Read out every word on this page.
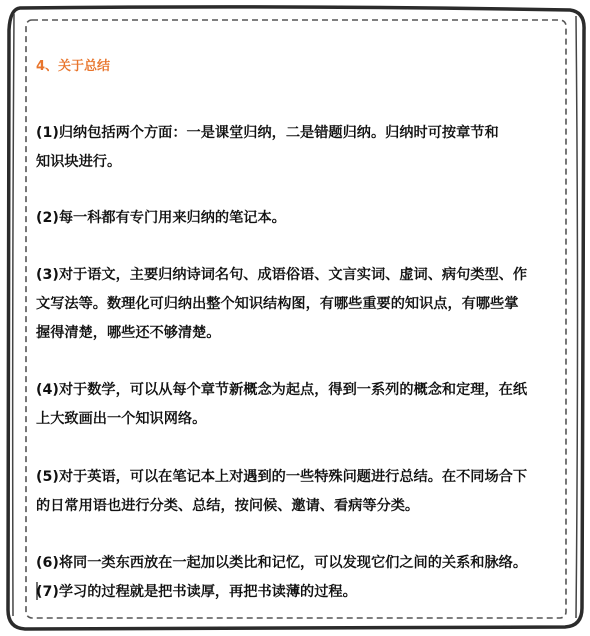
4、关于总结

(1)归纳包括两个方面：一是课堂归纳，二是错题归纳。归纳时可按章节和
知识块进行。

(2)每一科都有专门用来归纳的笔记本。

(3)对于语文，主要归纳诗词名句、成语俗语、文言实词、虚词、病句类型、作
文写法等。数理化可归纳出整个知识结构图，有哪些重要的知识点，有哪些掌
握得清楚，哪些还不够清楚。

(4)对于数学，可以从每个章节新概念为起点，得到一系列的概念和定理，在纸
上大致画出一个知识网络。

(5)对于英语，可以在笔记本上对遇到的一些特殊问题进行总结。在不同场合下
的日常用语也进行分类、总结，按问候、邀请、看病等分类。

(6)将同一类东西放在一起加以类比和记忆，可以发现它们之间的关系和脉络。

(7)学习的过程就是把书读厚，再把书读薄的过程。
